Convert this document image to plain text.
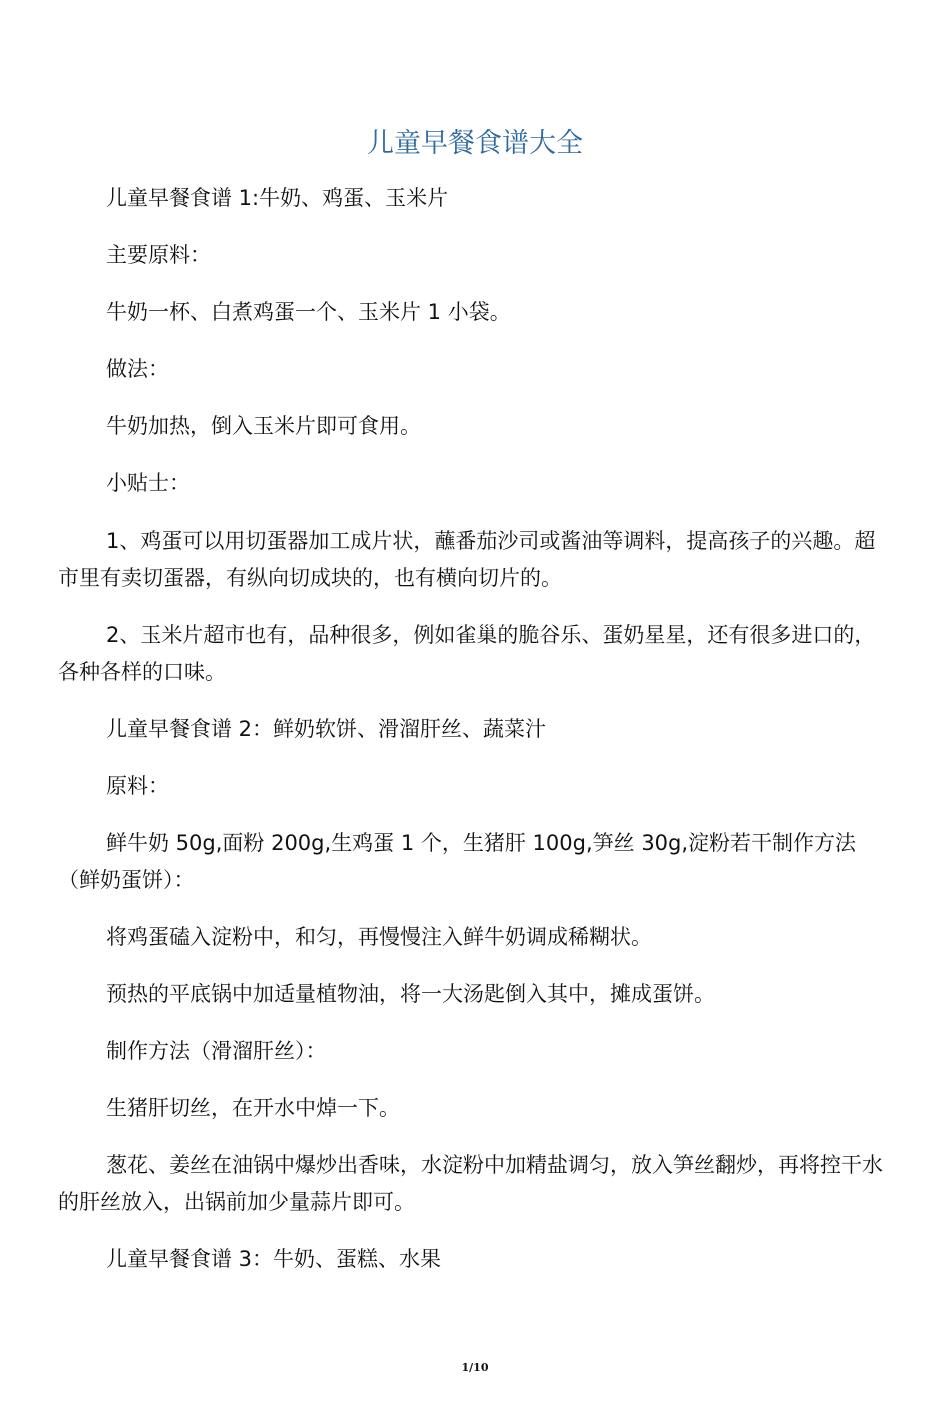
儿童早餐食谱大全

儿童早餐食谱 1:牛奶、鸡蛋、玉米片

主要原料：

牛奶一杯、白煮鸡蛋一个、玉米片 1 小袋。

做法：

牛奶加热，倒入玉米片即可食用。

小贴士：

1、鸡蛋可以用切蛋器加工成片状，蘸番茄沙司或酱油等调料，提高孩子的兴趣。超市里有卖切蛋器，有纵向切成块的，也有横向切片的。

2、玉米片超市也有，品种很多，例如雀巢的脆谷乐、蛋奶星星，还有很多进口的，各种各样的口味。

儿童早餐食谱 2：鲜奶软饼、滑溜肝丝、蔬菜汁

原料：

鲜牛奶 50g,面粉 200g,生鸡蛋 1 个，生猪肝 100g,笋丝 30g,淀粉若干制作方法（鲜奶蛋饼）：

将鸡蛋磕入淀粉中，和匀，再慢慢注入鲜牛奶调成稀糊状。

预热的平底锅中加适量植物油，将一大汤匙倒入其中，摊成蛋饼。

制作方法（滑溜肝丝）：

生猪肝切丝，在开水中焯一下。

葱花、姜丝在油锅中爆炒出香味，水淀粉中加精盐调匀，放入笋丝翻炒，再将控干水的肝丝放入，出锅前加少量蒜片即可。

儿童早餐食谱 3：牛奶、蛋糕、水果

1/10
